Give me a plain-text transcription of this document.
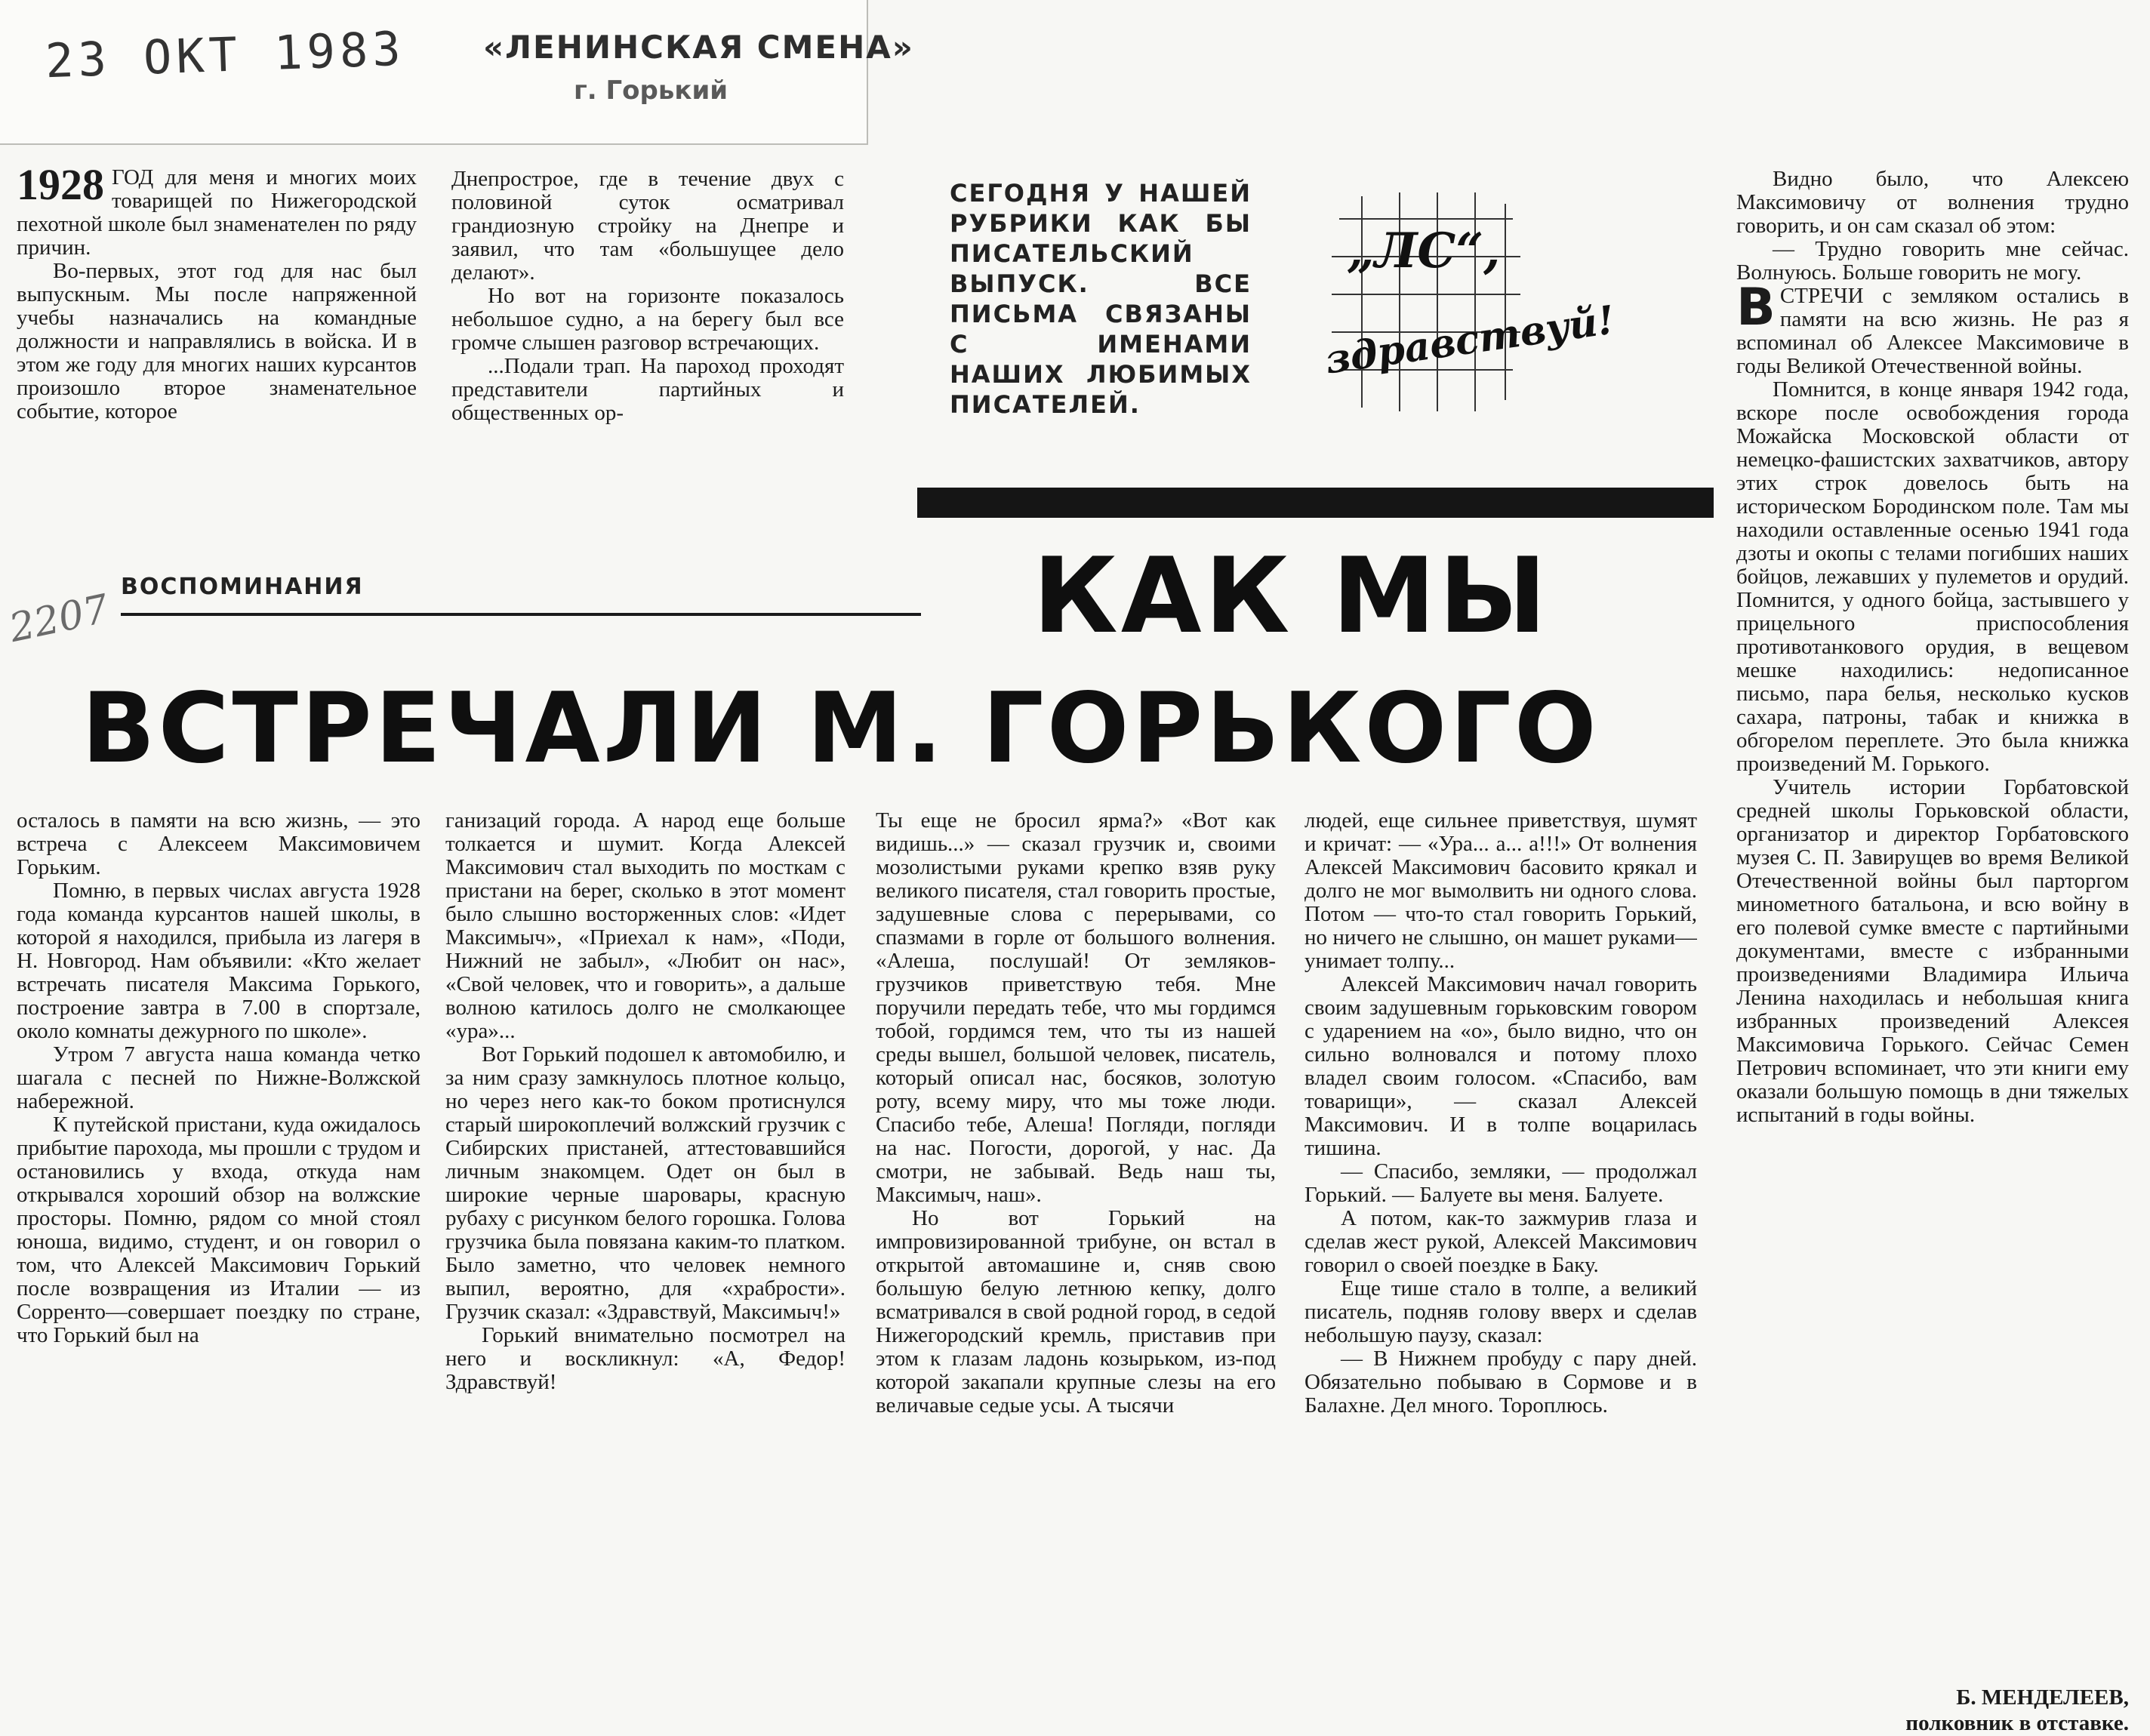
23 ОКТ 1983 «ЛЕНИНСКАЯ СМЕНА»
г. Горький

1928 ГОД для меня и многих моих товарищей по Нижегородской пехотной школе был знаменателен по ряду причин.

Во-первых, этот год для нас был выпускным. Мы после напряженной учебы назначались на командные должности и направлялись в войска. И в этом же году для многих наших курсантов произошло второе знаменательное событие, которое

Днепрострое, где в течение двух с половиной суток осматривал грандиозную стройку на Днепре и заявил, что там «большущее дело делают».

Но вот на горизонте показалось небольшое судно, а на берегу был все громче слышен разговор встречающих.

...Подали трап. На пароход проходят представители партийных и общественных ор-

СЕГОДНЯ У НАШЕЙ РУБРИКИ КАК БЫ ПИСАТЕЛЬСКИЙ ВЫПУСК. ВСЕ ПИСЬМА СВЯЗАНЫ С ИМЕНАМИ НАШИХ ЛЮБИМЫХ ПИСАТЕЛЕЙ.
„ЛС“,
здравствуй!
ВОСПОМИНАНИЯ
2207	КАК МЫ
ВСТРЕЧАЛИ М. ГОРЬКОГО

осталось в памяти на всю жизнь, — это встреча с Алексеем Максимовичем Горьким.

Помню, в первых числах августа 1928 года команда курсантов нашей школы, в которой я находился, прибыла из лагеря в Н. Новгород. Нам объявили: «Кто желает встречать писателя Максима Горького, построение завтра в 7.00 в спортзале, около комнаты дежурного по школе».

Утром 7 августа наша команда четко шагала с песней по Нижне-Волжской набережной.

К путейской пристани, куда ожидалось прибытие парохода, мы прошли с трудом и остановились у входа, откуда нам открывался хороший обзор на волжские просторы. Помню, рядом со мной стоял юноша, видимо, студент, и он говорил о том, что Алексей Максимович Горький после возвращения из Италии — из Сорренто—совершает поездку по стране, что Горький был на

ганизаций города. А народ еще больше толкается и шумит. Когда Алексей Максимович стал выходить по мосткам с пристани на берег, сколько в этот момент было слышно восторженных слов: «Идет Максимыч», «Приехал к нам», «Поди, Нижний не забыл», «Любит он нас», «Свой человек, что и говорить», а дальше волною катилось долго не смолкающее «ура»...

Вот Горький подошел к автомобилю, и за ним сразу замкнулось плотное кольцо, но через него как-то боком протиснулся старый широкоплечий волжский грузчик с Сибирских пристаней, аттестовавшийся личным знакомцем. Одет он был в широкие черные шаровары, красную рубаху с рисунком белого горошка. Голова грузчика была повязана каким-то платком. Было заметно, что человек немного выпил, вероятно, для «храбрости». Грузчик сказал: «Здравствуй, Максимыч!»

Горький внимательно посмотрел на него и воскликнул: «А, Федор! Здравствуй!

Ты еще не бросил ярма?» «Вот как видишь...» — сказал грузчик и, своими мозолистыми руками крепко взяв руку великого писателя, стал говорить простые, задушевные слова с перерывами, со спазмами в горле от большого волнения. «Алеша, послушай! От земляков-грузчиков приветствую тебя. Мне поручили передать тебе, что мы гордимся тобой, гордимся тем, что ты из нашей среды вышел, большой человек, писатель, который описал нас, босяков, золотую роту, всему миру, что мы тоже люди. Спасибо тебе, Алеша! Погляди, погляди на нас. Погости, дорогой, у нас. Да смотри, не забывай. Ведь наш ты, Максимыч, наш».

Но вот Горький на импровизированной трибуне, он встал в открытой автомашине и, сняв свою большую белую летнюю кепку, долго всматривался в свой родной город, в седой Нижегородский кремль, приставив при этом к глазам ладонь козырьком, из-под которой закапали крупные слезы на его величавые седые усы. А тысячи

людей, еще сильнее приветствуя, шумят и кричат: — «Ура... а... а!!!» От волнения Алексей Максимович басовито крякал и долго не мог вымолвить ни одного слова. Потом — что-то стал говорить Горький, но ничего не слышно, он машет руками— унимает толпу...

Алексей Максимович начал говорить своим задушевным горьковским говором с ударением на «о», было видно, что он сильно волновался и потому плохо владел своим голосом. «Спасибо, вам товарищи», — сказал Алексей Максимович. И в толпе воцарилась тишина.

— Спасибо, земляки, — продолжал Горький. — Балуете вы меня. Балуете.

А потом, как-то зажмурив глаза и сделав жест рукой, Алексей Максимович говорил о своей поездке в Баку.

Еще тише стало в толпе, а великий писатель, подняв голову вверх и сделав небольшую паузу, сказал:

— В Нижнем пробуду с пару дней. Обязательно побываю в Сормове и в Балахне. Дел много. Тороплюсь.

Видно было, что Алексею Максимовичу от волнения трудно говорить, и он сам сказал об этом:

— Трудно говорить мне сейчас. Волнуюсь. Больше говорить не могу.

ВСТРЕЧИ с земляком остались в памяти на всю жизнь. Не раз я вспоминал об Алексее Максимовиче в годы Великой Отечественной войны.

Помнится, в конце января 1942 года, вскоре после освобождения города Можайска Московской области от немецко-фашистских захватчиков, автору этих строк довелось быть на историческом Бородинском поле. Там мы находили оставленные осенью 1941 года дзоты и окопы с телами погибших наших бойцов, лежавших у пулеметов и орудий. Помнится, у одного бойца, застывшего у прицельного приспособления противотанкового орудия, в вещевом мешке находились: недописанное письмо, пара белья, несколько кусков сахара, патроны, табак и книжка в обгорелом переплете. Это была книжка произведений М. Горького.

Учитель истории Горбатовской средней школы Горьковской области, организатор и директор Горбатовского музея С. П. Завирущев во время Великой Отечественной войны был парторгом минометного батальона, и всю войну в его полевой сумке вместе с партийными документами, вместе с избранными произведениями Владимира Ильича Ленина находилась и небольшая книга избранных произведений Алексея Максимовича Горького. Сейчас Семен Петрович вспоминает, что эти книги ему оказали большую помощь в дни тяжелых испытаний в годы войны.

Б. МЕНДЕЛЕЕВ,
полковник в отставке.
